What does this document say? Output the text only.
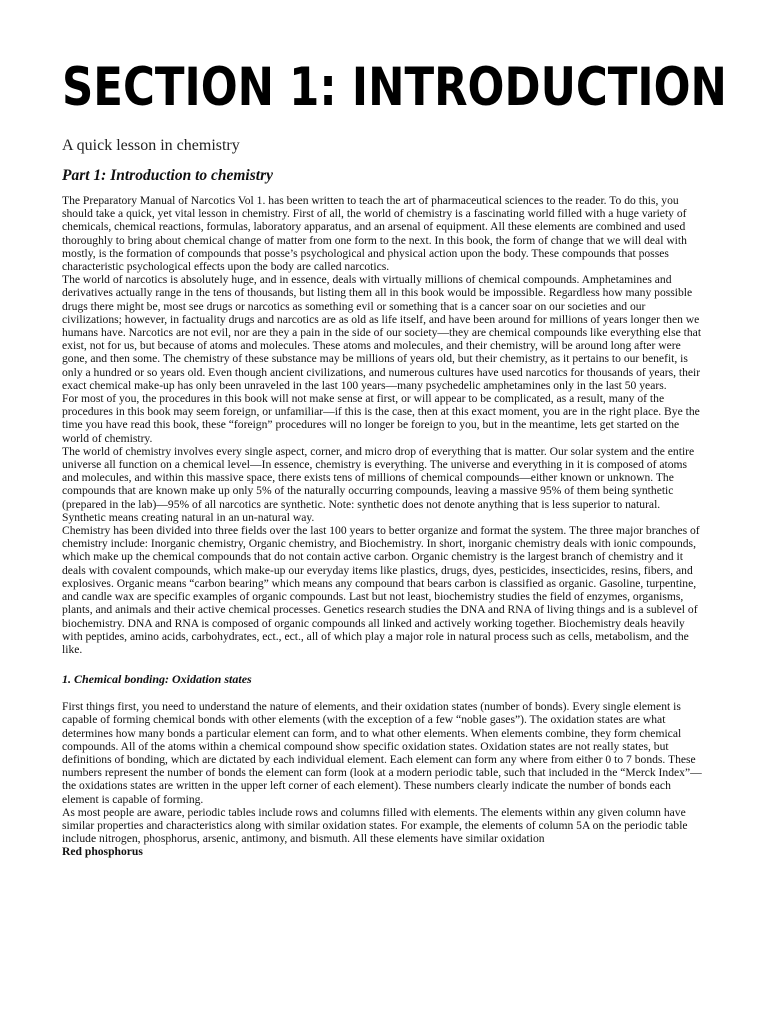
SECTION 1: INTRODUCTION
A quick lesson in chemistry
Part 1: Introduction to chemistry

The Preparatory Manual of Narcotics Vol 1. has been written to teach the art of pharmaceutical sciences to the reader. To do this, you should take a quick, yet vital lesson in chemistry. First of all, the world of chemistry is a fascinating world filled with a huge variety of chemicals, chemical reactions, formulas, laboratory apparatus, and an arsenal of equipment. All these elements are combined and used thoroughly to bring about chemical change of matter from one form to the next. In this book, the form of change that we will deal with mostly, is the formation of compounds that posse’s psychological and physical action upon the body. These compounds that posses characteristic psychological effects upon the body are called narcotics.

The world of narcotics is absolutely huge, and in essence, deals with virtually millions of chemical compounds. Amphetamines and derivatives actually range in the tens of thousands, but listing them all in this book would be impossible. Regardless how many possible drugs there might be, most see drugs or narcotics as something evil or something that is a cancer soar on our societies and our civilizations; however, in factuality drugs and narcotics are as old as life itself, and have been around for millions of years longer then we humans have. Narcotics are not evil, nor are they a pain in the side of our society—they are chemical compounds like everything else that exist, not for us, but because of atoms and molecules. These atoms and molecules, and their chemistry, will be around long after were gone, and then some. The chemistry of these substance may be millions of years old, but their chemistry, as it pertains to our benefit, is only a hundred or so years old. Even though ancient civilizations, and numerous cultures have used narcotics for thousands of years, their exact chemical make-up has only been unraveled in the last 100 years—many psychedelic amphetamines only in the last 50 years.

For most of you, the procedures in this book will not make sense at first, or will appear to be complicated, as a result, many of the procedures in this book may seem foreign, or unfamiliar—if this is the case, then at this exact moment, you are in the right place. Bye the time you have read this book, these “foreign” procedures will no longer be foreign to you, but in the meantime, lets get started on the world of chemistry.

The world of chemistry involves every single aspect, corner, and micro drop of everything that is matter. Our solar system and the entire universe all function on a chemical level—In essence, chemistry is everything. The universe and everything in it is composed of atoms and molecules, and within this massive space, there exists tens of millions of chemical compounds—either known or unknown. The compounds that are known make up only 5% of the naturally occurring compounds, leaving a massive 95% of them being synthetic (prepared in the lab)—95% of all narcotics are synthetic. Note: synthetic does not denote anything that is less superior to natural. Synthetic means creating natural in an un-natural way.

Chemistry has been divided into three fields over the last 100 years to better organize and format the system. The three major branches of chemistry include: Inorganic chemistry, Organic chemistry, and Biochemistry. In short, inorganic chemistry deals with ionic compounds, which make up the chemical compounds that do not contain active carbon. Organic chemistry is the largest branch of chemistry and it deals with covalent compounds, which make-up our everyday items like plastics, drugs, dyes, pesticides, insecticides, resins, fibers, and explosives. Organic means “carbon bearing” which means any compound that bears carbon is classified as organic. Gasoline, turpentine, and candle wax are specific examples of organic compounds. Last but not least, biochemistry studies the field of enzymes, organisms, plants, and animals and their active chemical processes. Genetics research studies the DNA and RNA of living things and is a sublevel of biochemistry. DNA and RNA is composed of organic compounds all linked and actively working together. Biochemistry deals heavily with peptides, amino acids, carbohydrates, ect., ect., all of which play a major role in natural process such as cells, metabolism, and the like.

1. Chemical bonding: Oxidation states

First things first, you need to understand the nature of elements, and their oxidation states (number of bonds). Every single element is capable of forming chemical bonds with other elements (with the exception of a few “noble gases”). The oxidation states are what determines how many bonds a particular element can form, and to what other elements. When elements combine, they form chemical compounds. All of the atoms within a chemical compound show specific oxidation states. Oxidation states are not really states, but definitions of bonding, which are dictated by each individual element. Each element can form any where from either 0 to 7 bonds. These numbers represent the number of bonds the element can form (look at a modern periodic table, such that included in the “Merck Index”—the oxidations states are written in the upper left corner of each element). These numbers clearly indicate the number of bonds each element is capable of forming.

As most people are aware, periodic tables include rows and columns filled with elements. The elements within any given column have similar properties and characteristics along with similar oxidation states. For example, the elements of column 5A on the periodic table include nitrogen, phosphorus, arsenic, antimony, and bismuth. All these elements have similar oxidation

Red phosphorus
